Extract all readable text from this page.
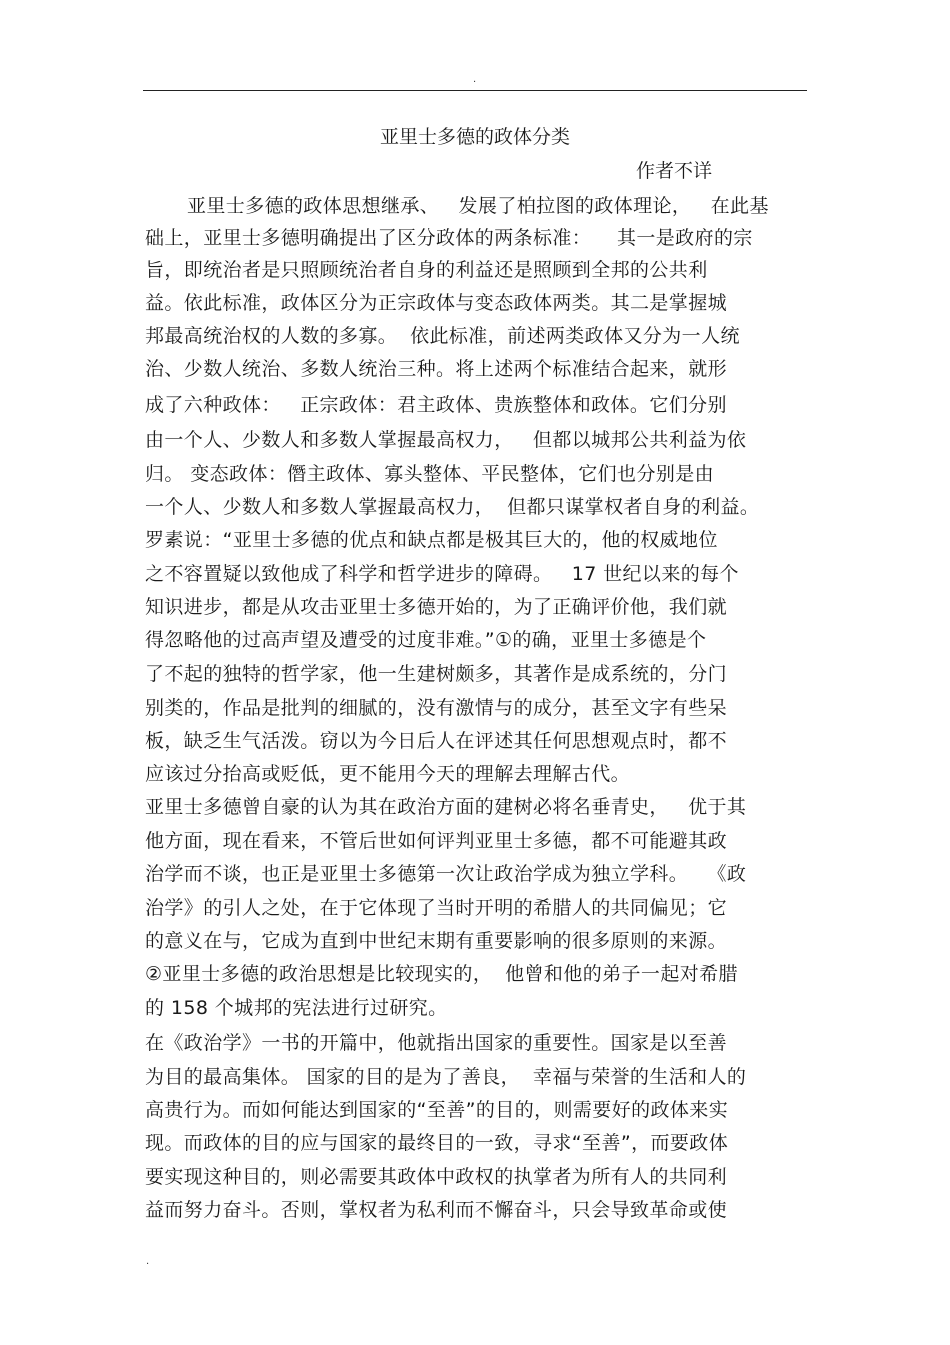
.
亚里士多德的政体分类
作者不详
亚里士多德的政体思想继承、   发展了柏拉图的政体理论，   在此基
础上，亚里士多德明确提出了区分政体的两条标准：    其一是政府的宗
旨，即统治者是只照顾统治者自身的利益还是照顾到全邦的公共利
益。依此标准，政体区分为正宗政体与变态政体两类。其二是掌握城
邦最高统治权的人数的多寡。  依此标准，前述两类政体又分为一人统
治、少数人统治、多数人统治三种。将上述两个标准结合起来，就形
成了六种政体：   正宗政体：君主政体、贵族整体和政体。它们分别
由一个人、少数人和多数人掌握最高权力，   但都以城邦公共利益为依
归。 变态政体：僭主政体、寡头整体、平民整体，它们也分别是由
一个人、少数人和多数人掌握最高权力，  但都只谋掌权者自身的利益。
罗素说：“亚里士多德的优点和缺点都是极其巨大的，他的权威地位
之不容置疑以致他成了科学和哲学进步的障碍。   17 世纪以来的每个
知识进步，都是从攻击亚里士多德开始的，为了正确评价他，我们就
得忽略他的过高声望及遭受的过度非难。”①的确，亚里士多德是个
了不起的独特的哲学家，他一生建树颇多，其著作是成系统的，分门
别类的，作品是批判的细腻的，没有激情与的成分，甚至文字有些呆
板，缺乏生气活泼。窃以为今日后人在评述其任何思想观点时，都不
应该过分抬高或贬低，更不能用今天的理解去理解古代。
亚里士多德曾自豪的认为其在政治方面的建树必将名垂青史，   优于其
他方面，现在看来，不管后世如何评判亚里士多德，都不可能避其政
治学而不谈，也正是亚里士多德第一次让政治学成为独立学科。   《政
治学》的引人之处，在于它体现了当时开明的希腊人的共同偏见；它
的意义在与，它成为直到中世纪末期有重要影响的很多原则的来源。
②亚里士多德的政治思想是比较现实的，  他曾和他的弟子一起对希腊
的 158 个城邦的宪法进行过研究。
在《政治学》一书的开篇中，他就指出国家的重要性。国家是以至善
为目的最高集体。 国家的目的是为了善良，  幸福与荣誉的生活和人的
高贵行为。而如何能达到国家的“至善”的目的，则需要好的政体来实
现。而政体的目的应与国家的最终目的一致，寻求“至善”，而要政体
要实现这种目的，则必需要其政体中政权的执掌者为所有人的共同利
益而努力奋斗。否则，掌权者为私利而不懈奋斗，只会导致革命或使
.
